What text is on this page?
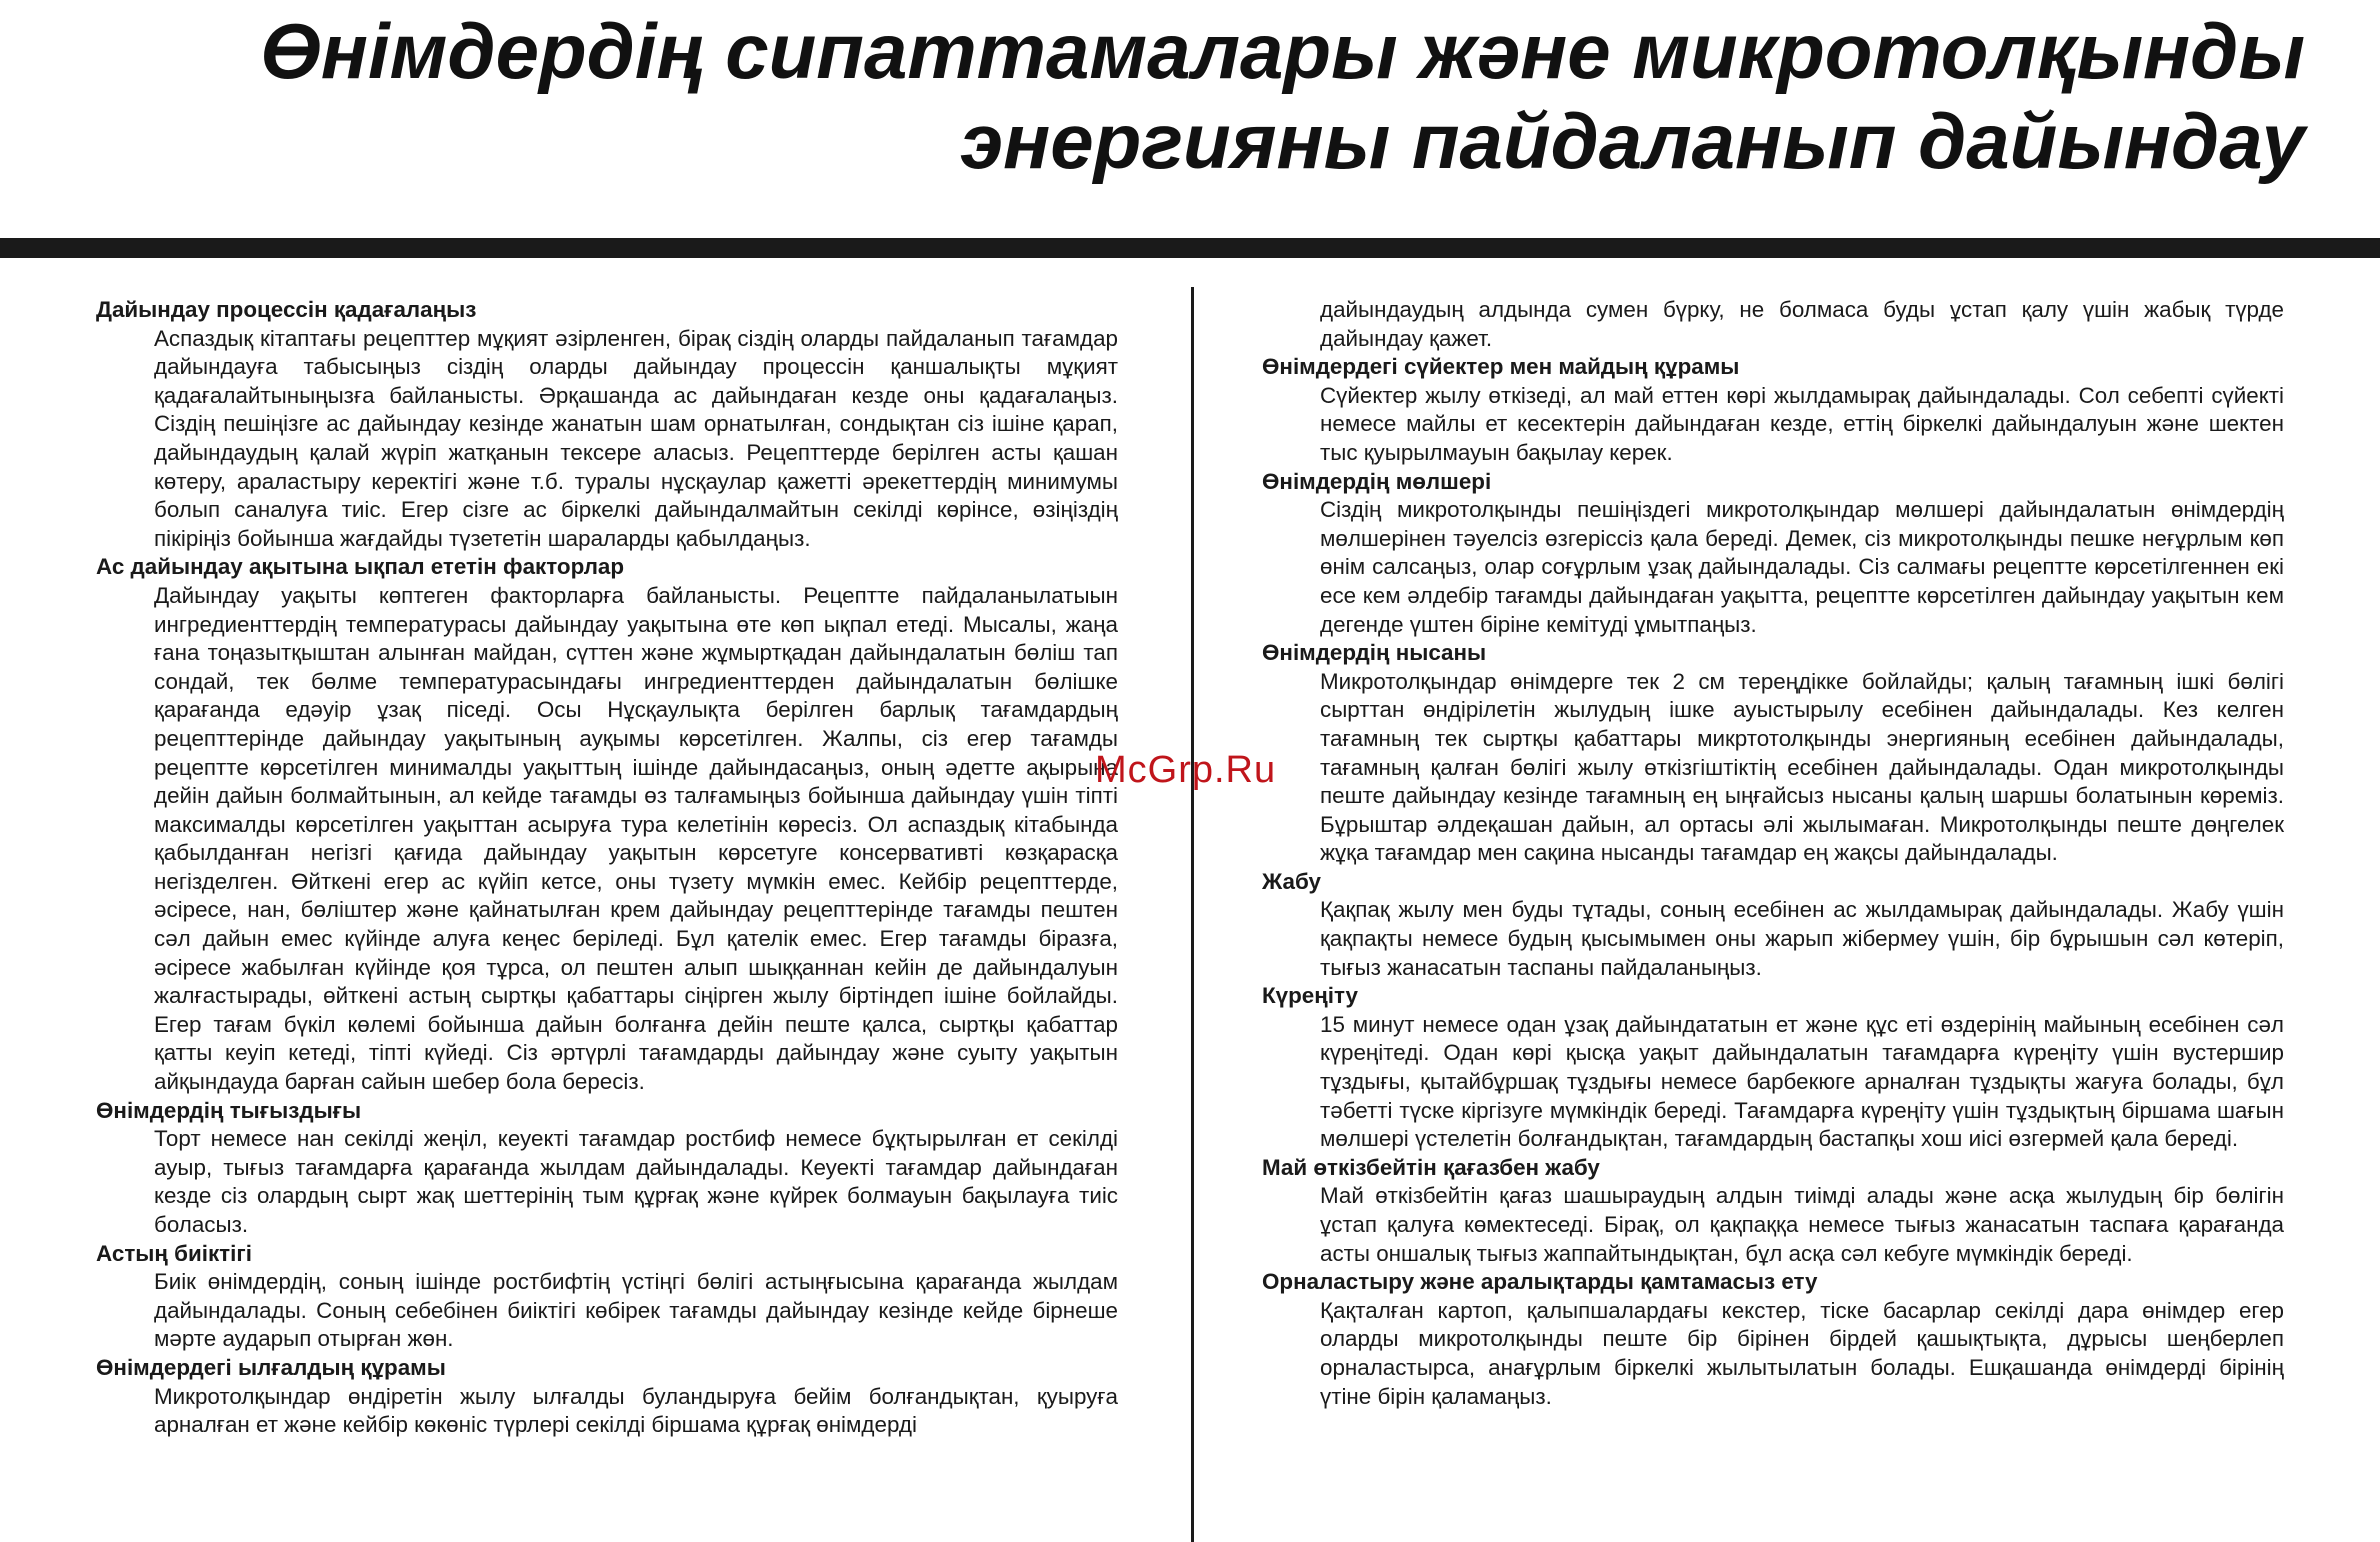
Өнімдердің сипаттамалары және микротолқынды
энергияны пайдаланып дайындау
Дайындау процессін қадағалаңыз

Аспаздық кітаптағы рецепттер мұқият әзірленген, бірақ сіздің оларды пайдаланып тағамдар дайындауға табысыңыз сіздің оларды дайындау процессін қаншалықты мұқият қадағалайтыныңызға байланысты. Әрқашанда ас дайындаған кезде оны қадағалаңыз. Сіздің пешіңізге ас дайындау кезінде жанатын шам орнатылған, сондықтан сіз ішіне қарап, дайындаудың қалай жүріп жатқанын тексере аласыз. Рецепттерде берілген асты қашан көтеру, араластыру керектігі және т.б. туралы нұсқаулар қажетті әрекеттердің минимумы болып саналуға тиіс. Егер сізге ас біркелкі дайындалмайтын секілді көрінсе, өзіңіздің пікіріңіз бойынша жағдайды түзететін шараларды қабылдаңыз.

Ас дайындау ақытына ықпал ететін факторлар

Дайындау уақыты көптеген факторларға байланысты. Рецептте пайдаланылатыын ингредиенттердің температурасы дайындау уақытына өте көп ықпал етеді. Мысалы, жаңа ғана тоңазытқыштан алынған майдан, сүттен және жұмыртқадан дайындалатын бөліш тап сондай, тек бөлме температурасындағы ингредиенттерден дайындалатын бөлішке қарағанда едәуір ұзақ піседі. Осы Нұсқаулықта берілген барлық тағамдардың рецепттерінде дайындау уақытының ауқымы көрсетілген. Жалпы, сіз егер тағамды рецептте көрсетілген минималды уақыттың ішінде дайындасаңыз, оның әдетте ақырына дейін дайын болмайтынын, ал кейде тағамды өз талғамыңыз бойынша дайындау үшін тіпті максималды көрсетілген уақыттан асыруға тура келетінін көресіз. Ол аспаздық кітабында қабылданған негізгі қағида дайындау уақытын көрсетуге консервативті көзқарасқа негізделген. Өйткені егер ас күйіп кетсе, оны түзету мүмкін емес. Кейбір рецепттерде, әсіресе, нан, бөліштер және қайнатылған крем дайындау рецепттерінде тағамды пештен сәл дайын емес күйінде алуға кеңес беріледі. Бұл қателік емес. Егер тағамды біразға, әсіресе жабылған күйінде қоя тұрса, ол пештен алып шыққаннан кейін де дайындалуын жалғастырады, өйткені астың сыртқы қабаттары сіңірген жылу біртіндеп ішіне бойлайды. Егер тағам бүкіл көлемі бойынша дайын болғанға дейін пеште қалса, сыртқы қабаттар қатты кеуіп кетеді, тіпті күйеді. Сіз әртүрлі тағамдарды дайындау және суыту уақытын айқындауда барған сайын шебер бола бересіз.

Өнімдердің тығыздығы

Торт немесе нан секілді жеңіл, кеуекті тағамдар ростбиф немесе бұқтырылған ет секілді ауыр, тығыз тағамдарға қарағанда жылдам дайындалады. Кеуекті тағамдар дайындаған кезде сіз олардың сырт жақ шеттерінің тым құрғақ және күйрек болмауын бақылауға тиіс боласыз.

Астың биіктігі

Биік өнімдердің, соның ішінде ростбифтің үстіңгі бөлігі астыңғысына қарағанда жылдам дайындалады. Соның себебінен биіктігі көбірек тағамды дайындау кезінде кейде бірнеше мәрте аударып отырған жөн.

Өнімдердегі ылғалдың құрамы

Микротолқындар өндіретін жылу ылғалды буландыруға бейім болғандықтан, қуыруға арналған ет және кейбір көкөніс түрлері секілді біршама құрғақ өнімдерді

дайындаудың алдында сумен бүрку, не болмаса буды ұстап қалу үшін жабық түрде дайындау қажет.

Өнімдердегі сүйектер мен майдың құрамы

Сүйектер жылу өткізеді, ал май еттен көрі жылдамырақ дайындалады. Сол себепті сүйекті немесе майлы ет кесектерін дайындаған кезде, еттің біркелкі дайындалуын және шектен тыс қуырылмауын бақылау керек.

Өнімдердің мөлшері

Сіздің микротолқынды пешіңіздегі микротолқындар мөлшері дайындалатын өнімдердің мөлшерінен тәуелсіз өзгеріссіз қала береді. Демек, сіз микротолқынды пешке неғұрлым көп өнім салсаңыз, олар соғұрлым ұзақ дайындалады. Сіз салмағы рецептте көрсетілгеннен екі есе кем әлдебір тағамды дайындаған уақытта, рецептте көрсетілген дайындау уақытын кем дегенде үштен біріне кемітуді ұмытпаңыз.

Өнімдердің нысаны

Микротолқындар өнімдерге тек 2 см тереңдікке бойлайды; қалың тағамның ішкі бөлігі сырттан өндірілетін жылудың ішке ауыстырылу есебінен дайындалады. Кез келген тағамның тек сыртқы қабаттары микртотолқынды энергияның есебінен дайындалады, тағамның қалған бөлігі жылу өткізгіштіктің есебінен дайындалады. Одан микротолқынды пеште дайындау кезінде тағамның ең ыңғайсыз нысаны қалың шаршы болатынын көреміз. Бұрыштар әлдеқашан дайын, ал ортасы әлі жылымаған. Микротолқынды пеште дөңгелек жұқа тағамдар мен сақина нысанды тағамдар ең жақсы дайындалады.

Жабу

Қақпақ жылу мен буды тұтады, соның есебінен ас жылдамырақ дайындалады. Жабу үшін қақпақты немесе будың қысымымен оны жарып жібермеу үшін, бір бұрышын сәл көтеріп, тығыз жанасатын таспаны пайдаланыңыз.

Күреңіту

15 минут немесе одан ұзақ дайындататын ет және құс еті өздерінің майының есебінен сәл күреңітеді. Одан көрі қысқа уақыт дайындалатын тағамдарға күреңіту үшін вустершир тұздығы, қытайбұршақ тұздығы немесе барбекюге арналған тұздықты жағуға болады, бұл тәбетті түске кіргізуге мүмкіндік береді. Тағамдарға күреңіту үшін тұздықтың біршама шағын мөлшері үстелетін болғандықтан, тағамдардың бастапқы хош иісі өзгермей қала береді.

Май өткізбейтін қағазбен жабу

Май өткізбейтін қағаз шашыраудың алдын тиімді алады және асқа жылудың бір бөлігін ұстап қалуға көмектеседі. Бірақ, ол қақпаққа немесе тығыз жанасатын таспаға қарағанда асты оншалық тығыз жаппайтындықтан, бұл асқа сәл кебуге мүмкіндік береді.

Орналастыру және аралықтарды қамтамасыз ету

Қақталған картоп, қалыпшалардағы кекстер, тіске басарлар секілді дара өнімдер егер оларды микротолқынды пеште бір бірінен бірдей қашықтықта, дұрысы шеңберлеп орналастырса, анағұрлым біркелкі жылытылатын болады. Ешқашанда өнімдерді бірінің үтіне бірін қаламаңыз.

McGrp.Ru
